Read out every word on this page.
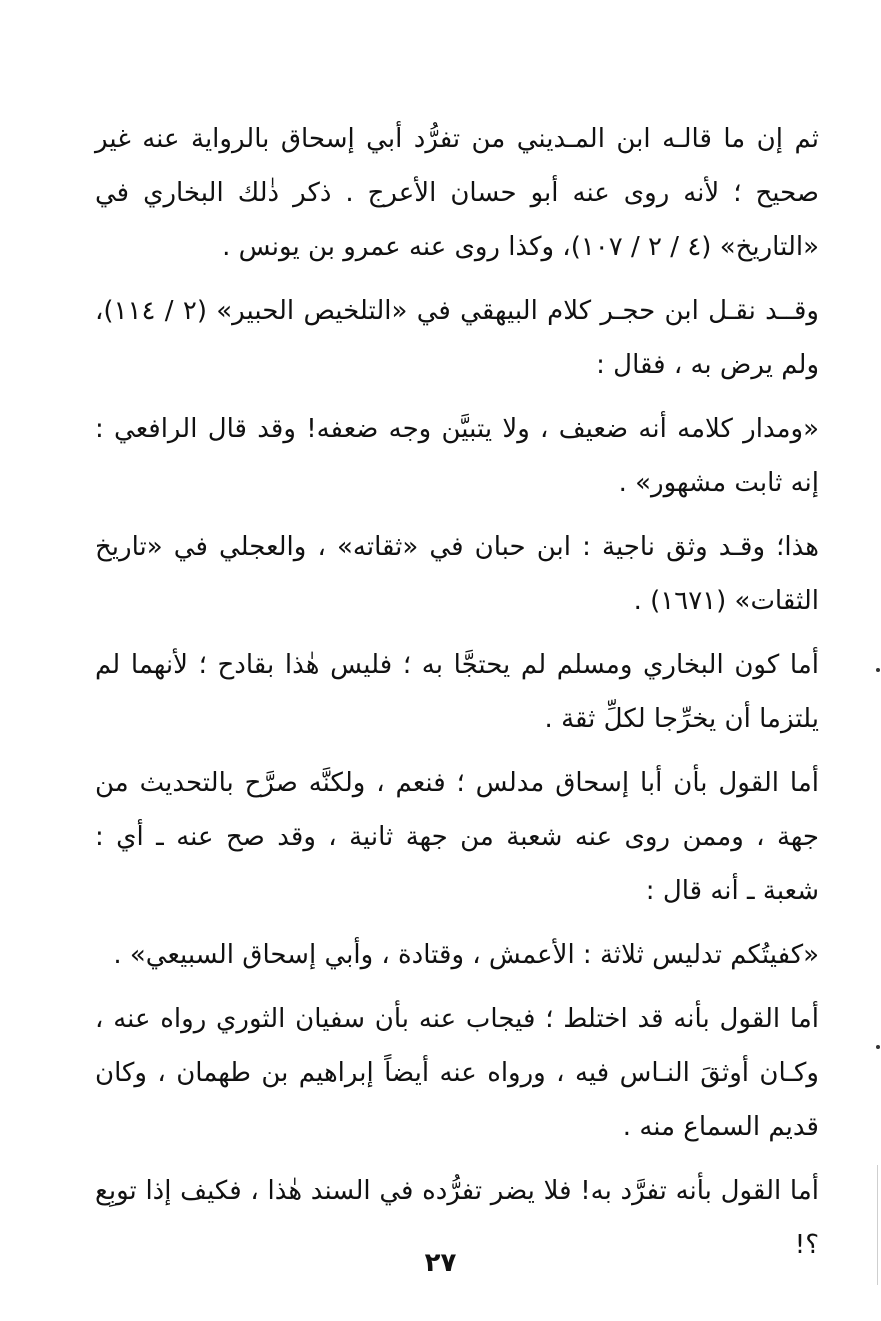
ثم إن ما قالـه ابن المـديني من تفرُّد أبي إسحاق بالرواية عنه غير صحيح ؛ لأنه روى عنه أبو حسان الأعرج . ذكر ذٰلك البخاري في «التاريخ» (٤ / ٢ / ١٠٧)، وكذا روى عنه عمرو بن يونس .

وقــد نقـل ابن حجـر كلام البيهقي في «التلخيص الحبير» (٢ / ١١٤)، ولم يرض به ، فقال :

«ومدار كلامه أنه ضعيف ، ولا يتبيَّن وجه ضعفه! وقد قال الرافعي : إنه ثابت مشهور» .

هذا؛ وقـد وثق ناجية : ابن حبان في «ثقاته» ، والعجلي في «تاريخ الثقات» (١٦٧١) .

أما كون البخاري ومسلم لم يحتجَّا به ؛ فليس هٰذا بقادح ؛ لأنهما لم يلتزما أن يخرِّجا لكلِّ ثقة .

أما القول بأن أبا إسحاق مدلس ؛ فنعم ، ولكنَّه صرَّح بالتحديث من جهة ، وممن روى عنه شعبة من جهة ثانية ، وقد صح عنه ـ أي : شعبة ـ أنه قال :

«كفيتُكم تدليس ثلاثة : الأعمش ، وقتادة ، وأبي إسحاق السبيعي» .

أما القول بأنه قد اختلط ؛ فيجاب عنه بأن سفيان الثوري رواه عنه ، وكـان أوثقَ النـاس فيه ، ورواه عنه أيضاً إبراهيم بن طهمان ، وكان قديم السماع منه .

أما القول بأنه تفرَّد به! فلا يضر تفرُّده في السند هٰذا ، فكيف إذا توبِع ؟!

٢٧
